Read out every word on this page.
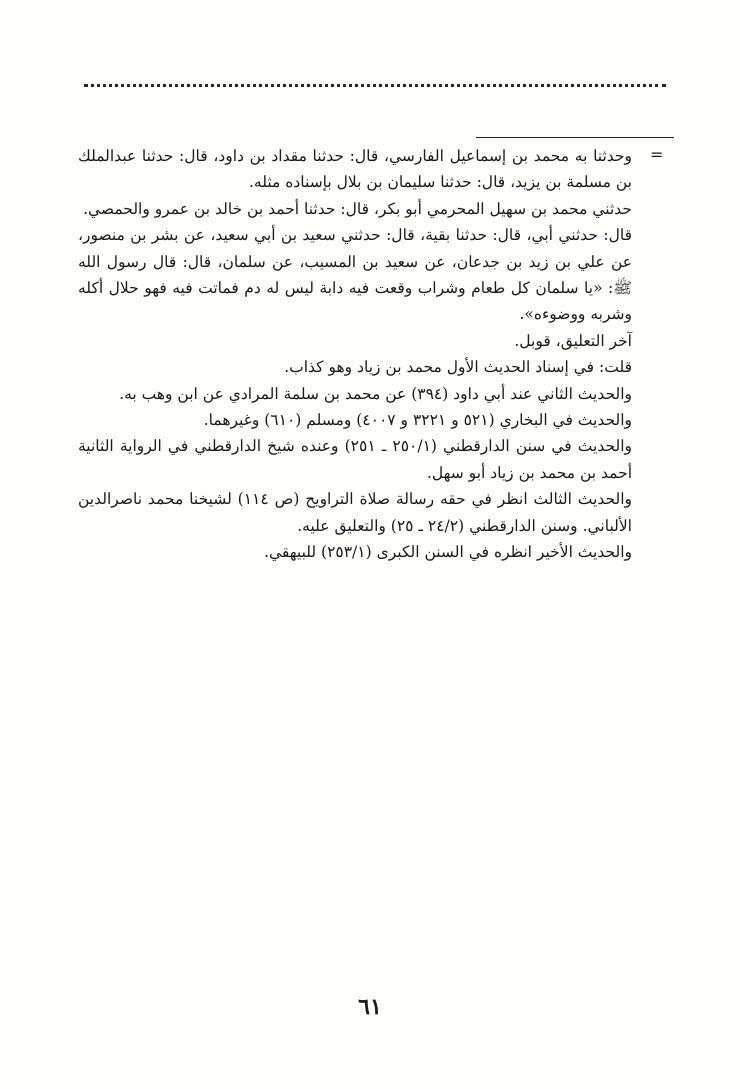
=

وحدثنا به محمد بن إسماعيل الفارسي، قال: حدثنا مقداد بن داود، قال: حدثنا عبدالملك بن مسلمة بن يزيد، قال: حدثنا سليمان بن بلال بإسناده مثله.

حدثني محمد بن سهيل المحرمي أبو بكر، قال: حدثنا أحمد بن خالد بن عمرو والحمصي.

قال: حدثني أبي، قال: حدثنا بقية، قال: حدثني سعيد بن أبي سعيد، عن بشر بن منصور، عن علي بن زيد بن جدعان، عن سعيد بن المسيب، عن سلمان، قال: قال رسول الله ﷺ: «يا سلمان كل طعام وشراب وقعت فيه دابة ليس له دم فماتت فيه فهو حلال أكله وشربه ووضوءه».

آخر التعليق، قوبل.

قلت: في إسناد الحديث الأول محمد بن زياد وهو كذاب.

والحديث الثاني عند أبي داود (٣٩٤) عن محمد بن سلمة المرادي عن ابن وهب به.

والحديث في البخاري (٥٢١ و ٣٢٢١ و ٤٠٠٧) ومسلم (٦١٠) وغيرهما.

والحديث في سنن الدارقطني (٢٥٠/١ ـ ٢٥١) وعنده شيخ الدارقطني في الرواية الثانية أحمد بن محمد بن زياد أبو سهل.

والحديث الثالث انظر في حقه رسالة صلاة التراويح (ص ١١٤) لشيخنا محمد ناصرالدين الألباني. وسنن الدارقطني (٢٤/٢ ـ ٢٥) والتعليق عليه.

والحديث الأخير انظره في السنن الكبرى (٢٥٣/١) للبيهقي.

٦١
